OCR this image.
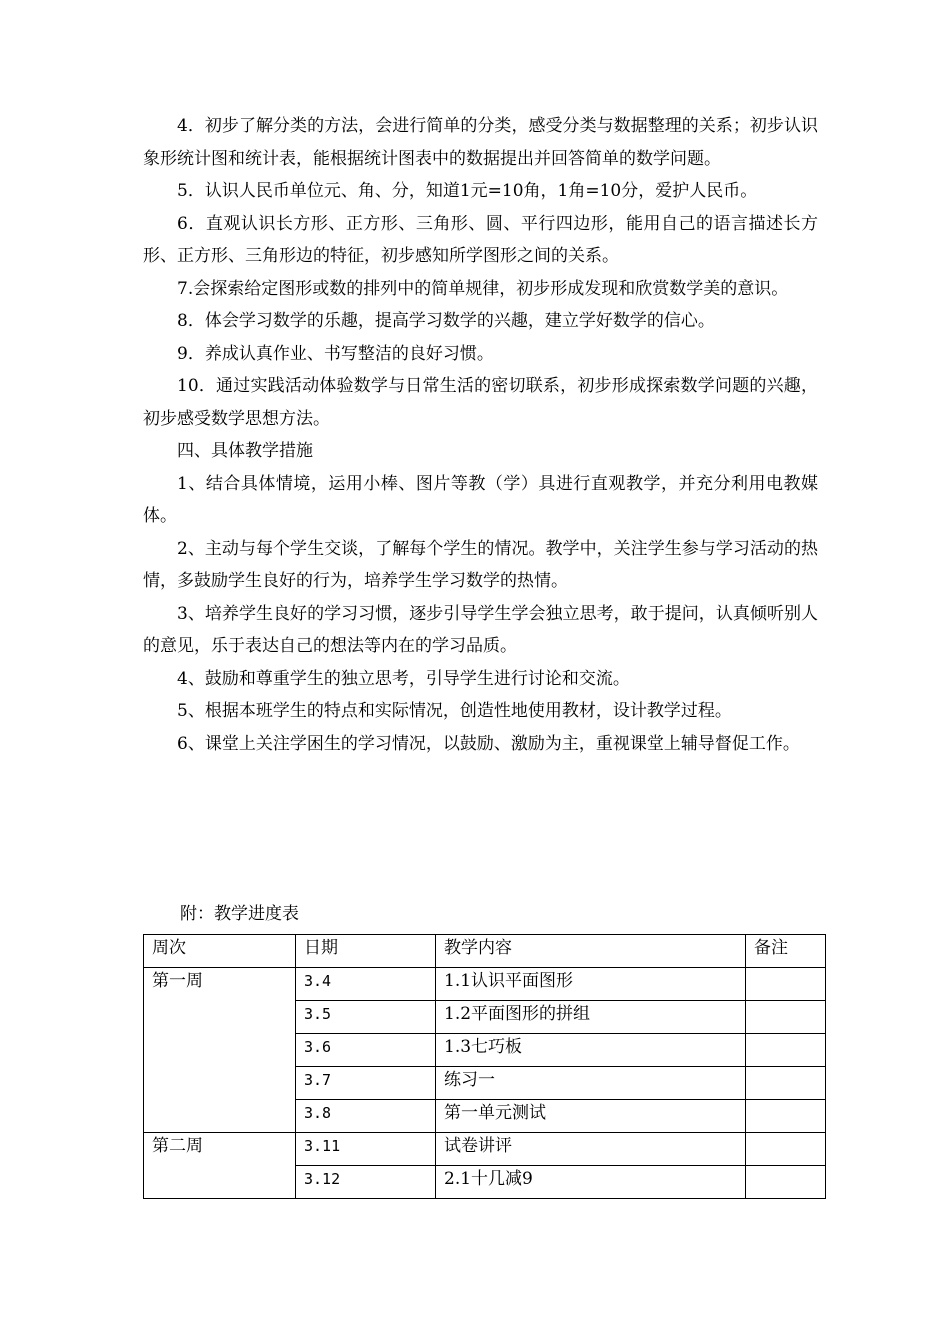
4．初步了解分类的方法，会进行简单的分类，感受分类与数据整理的关系；初步认识象形统计图和统计表，能根据统计图表中的数据提出并回答简单的数学问题。

5．认识人民币单位元、角、分，知道1元=10角，1角=10分，爱护人民币。

6．直观认识长方形、正方形、三角形、圆、平行四边形，能用自己的语言描述长方形、正方形、三角形边的特征，初步感知所学图形之间的关系。

7.会探索给定图形或数的排列中的简单规律，初步形成发现和欣赏数学美的意识。

8．体会学习数学的乐趣，提高学习数学的兴趣，建立学好数学的信心。

9．养成认真作业、书写整洁的良好习惯。

10．通过实践活动体验数学与日常生活的密切联系，初步形成探索数学问题的兴趣，初步感受数学思想方法。

四、具体教学措施

1、结合具体情境，运用小棒、图片等教（学）具进行直观教学，并充分利用电教媒体。

2、主动与每个学生交谈，了解每个学生的情况。教学中，关注学生参与学习活动的热情，多鼓励学生良好的行为，培养学生学习数学的热情。

3、培养学生良好的学习习惯，逐步引导学生学会独立思考，敢于提问，认真倾听别人的意见，乐于表达自己的想法等内在的学习品质。

4、鼓励和尊重学生的独立思考，引导学生进行讨论和交流。

5、根据本班学生的特点和实际情况，创造性地使用教材，设计教学过程。

6、课堂上关注学困生的学习情况，以鼓励、激励为主，重视课堂上辅导督促工作。

附：教学进度表
周次	日期	教学内容	备注
第一周	3.4	1.1认识平面图形	
	3.5	1.2平面图形的拼组	
	3.6	1.3七巧板	
	3.7	练习一	
	3.8	第一单元测试	
第二周	3.11	试卷讲评	
	3.12	2.1十几减9	
